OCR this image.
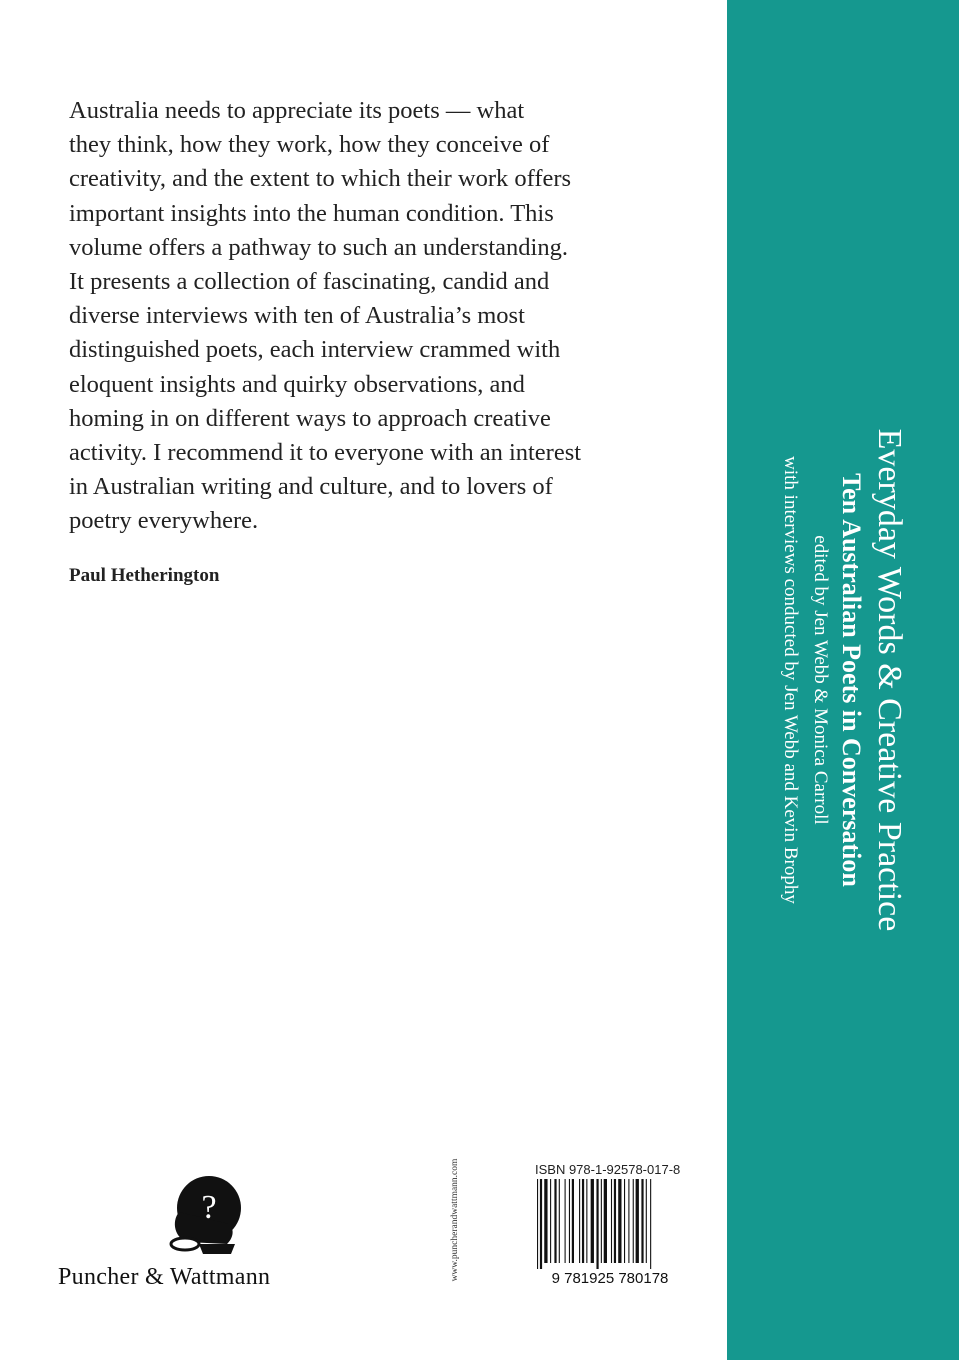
Australia needs to appreciate its poets — what
they think, how they work, how they conceive of
creativity, and the extent to which their work offers
important insights into the human condition. This
volume offers a pathway to such an understanding.
It presents a collection of fascinating, candid and
diverse interviews with ten of Australia’s most
distinguished poets, each interview crammed with
eloquent insights and quirky observations, and
homing in on different ways to approach creative
activity. I recommend it to everyone with an interest
in Australian writing and culture, and to lovers of
poetry everywhere.
Paul Hetherington	Everyday Words & Creative Practice
Ten Australian Poets in Conversation
edited by Jen Webb & Monica Carroll
with interviews conducted by Jen Webb and Kevin Brophy
?
Puncher & Wattmann	www.puncherandwattmann.com	ISBN 978-1-92578-017-8
9 781925 780178
